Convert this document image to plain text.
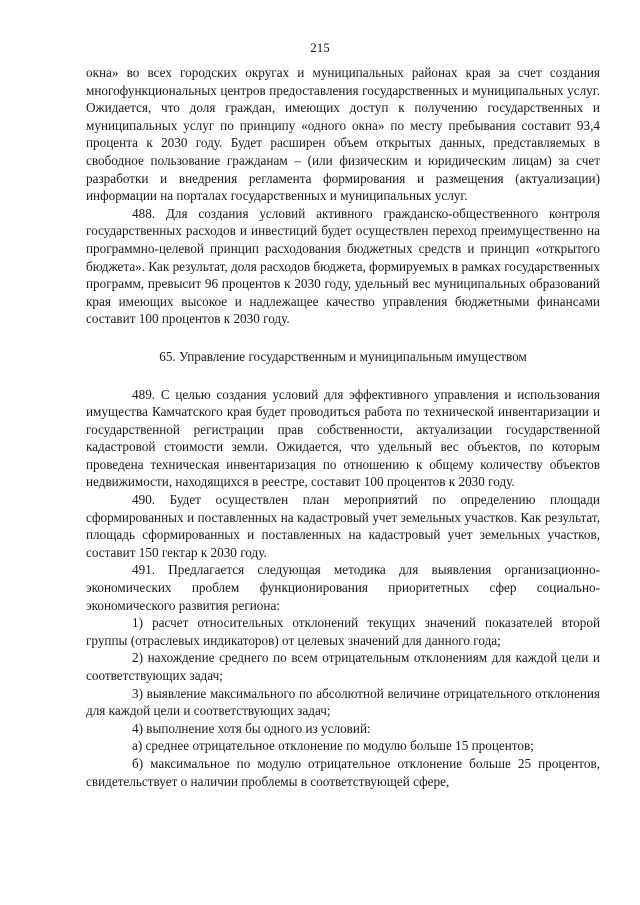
215

окна» во всех городских округах и муниципальных районах края за счет создания многофункциональных центров предоставления государственных и муниципальных услуг. Ожидается, что доля граждан, имеющих доступ к получению государственных и муниципальных услуг по принципу «одного окна» по месту пребывания составит 93,4 процента к 2030 году. Будет расширен объем открытых данных, представляемых в свободное пользование гражданам – (или физическим и юридическим лицам) за счет разработки и внедрения регламента формирования и размещения (актуализации) информации на порталах государственных и муниципальных услуг.

488. Для создания условий активного гражданско-общественного контроля государственных расходов и инвестиций будет осуществлен переход преимущественно на программно-целевой принцип расходования бюджетных средств и принцип «открытого бюджета». Как результат, доля расходов бюджета, формируемых в рамках государственных программ, превысит 96 процентов к 2030 году, удельный вес муниципальных образований края имеющих высокое и надлежащее качество управления бюджетными финансами составит 100 процентов к 2030 году.

65. Управление государственным и муниципальным имуществом

489. С целью создания условий для эффективного управления и использования имущества Камчатского края будет проводиться работа по технической инвентаризации и государственной регистрации прав собственности, актуализации государственной кадастровой стоимости земли. Ожидается, что удельный вес объектов, по которым проведена техническая инвентаризация по отношению к общему количеству объектов недвижимости, находящихся в реестре, составит 100 процентов к 2030 году.

490. Будет осуществлен план мероприятий по определению площади сформированных и поставленных на кадастровый учет земельных участков. Как результат, площадь сформированных и поставленных на кадастровый учет земельных участков, составит 150 гектар к 2030 году.

491. Предлагается следующая методика для выявления организационно-экономических проблем функционирования приоритетных сфер социально-экономического развития региона:

1) расчет относительных отклонений текущих значений показателей второй группы (отраслевых индикаторов) от целевых значений для данного года;

2) нахождение среднего по всем отрицательным отклонениям для каждой цели и соответствующих задач;

3) выявление максимального по абсолютной величине отрицательного отклонения для каждой цели и соответствующих задач;

4) выполнение хотя бы одного из условий:

а) среднее отрицательное отклонение по модулю больше 15 процентов;

б) максимальное по модулю отрицательное отклонение больше 25 процентов, свидетельствует о наличии проблемы в соответствующей сфере,
